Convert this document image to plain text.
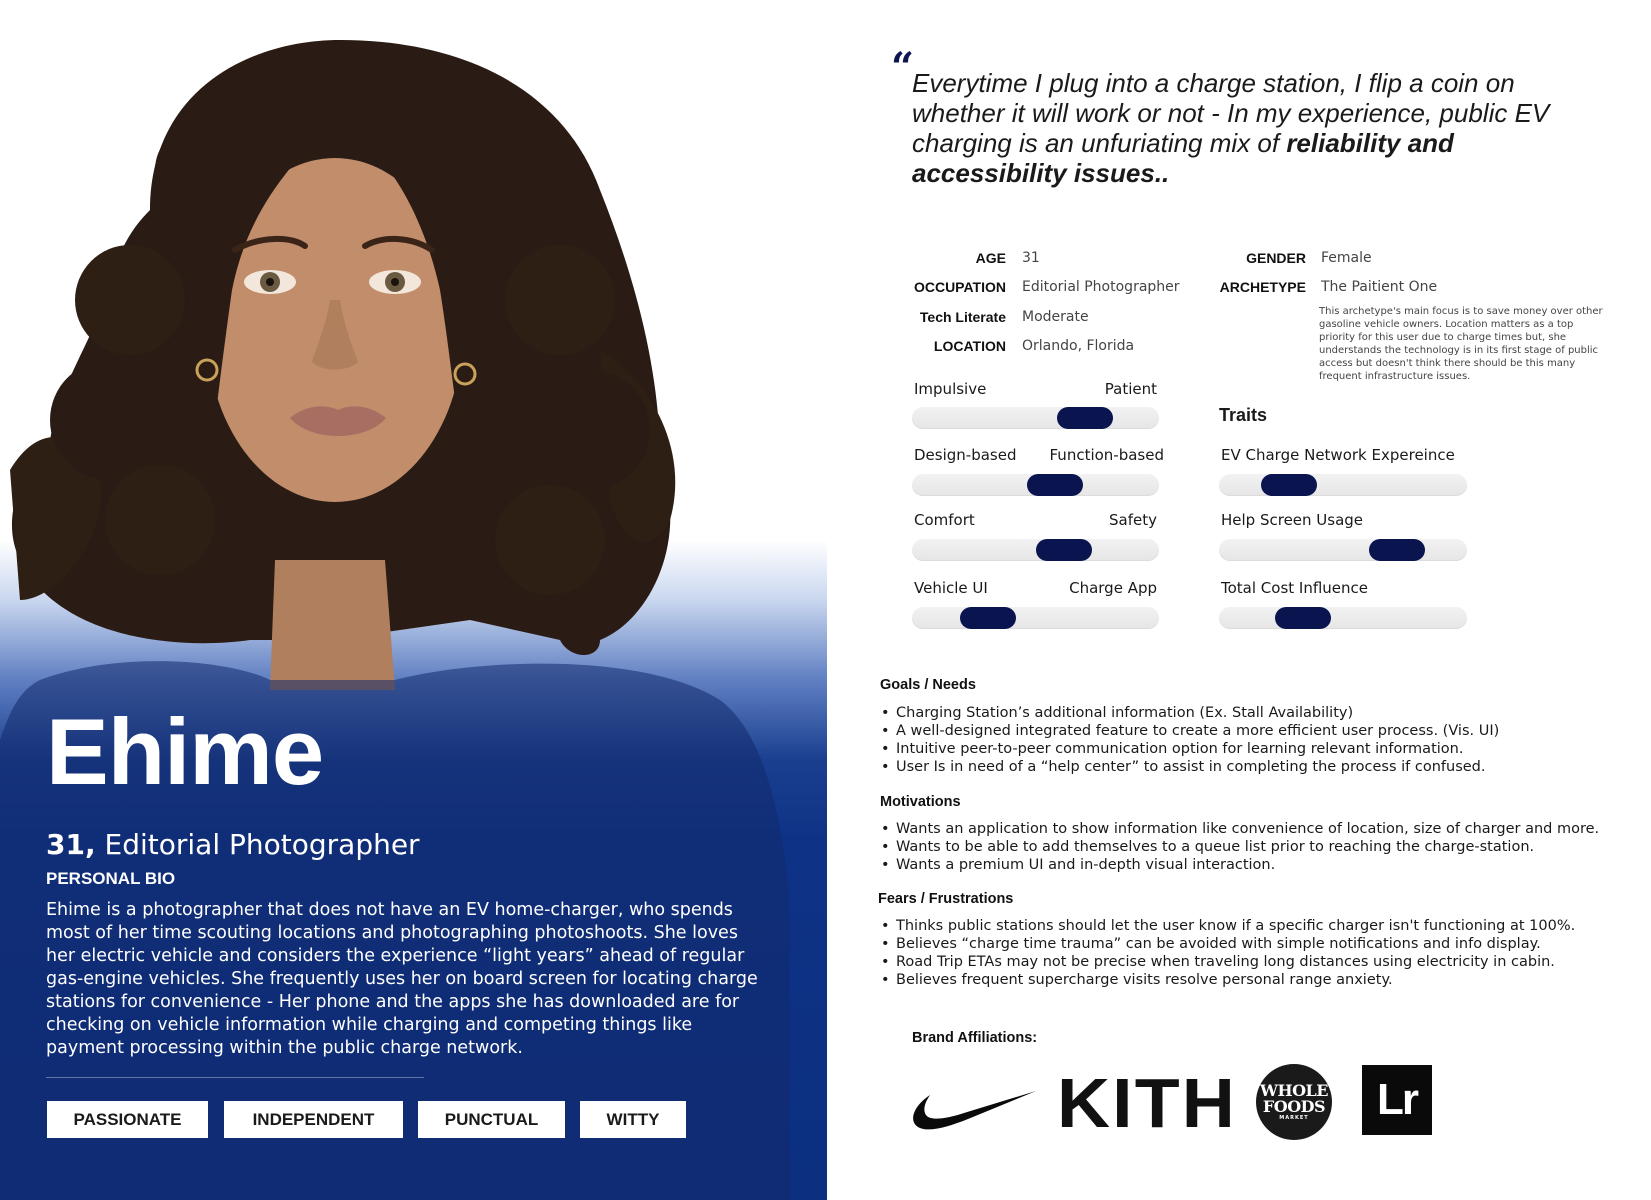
Ehime
31, Editorial Photographer
PERSONAL BIO
Ehime is a photographer that does not have an EV home-charger, who spends most of her time scouting locations and photographing photoshoots. She loves her electric vehicle and considers the experience “light years” ahead of regular gas-engine vehicles. She frequently uses her on board screen for locating charge stations for convenience - Her phone and the apps she has downloaded are for checking on vehicle information while charging and competing things like payment processing within the public charge network.
PASSIONATE	INDEPENDENT	PUNCTUAL	WITTY
“
Everytime I plug into a charge station, I flip a coin on whether it will work or not - In my experience, public EV charging is an unfuriating mix of reliability and accessibility issues..
AGE 31
OCCUPATION Editorial Photographer
Tech Literate Moderate
LOCATION Orlando, Florida
GENDER Female
ARCHETYPE The Paitient One
This archetype's main focus is to save money over other gasoline vehicle owners. Location matters as a top priority for this user due to charge times but, she understands the technology is in its first stage of public access but doesn't think there should be this many frequent infrastructure issues.
Impulsive	Patient
Design-based	Function-based
Comfort	Safety
Vehicle UI	Charge App
Traits
EV Charge Network Expereince
Help Screen Usage
Total Cost Influence
Goals / Needs
• Charging Station’s additional information (Ex. Stall Availability)
• A well-designed integrated feature to create a more efficient user process. (Vis. UI)
• Intuitive peer-to-peer communication option for learning relevant information.
• User Is in need of a “help center” to assist in completing the process if confused.
Motivations
• Wants an application to show information like convenience of location, size of charger and more.
• Wants to be able to add themselves to a queue list prior to reaching the charge-station.
• Wants a premium UI and in-depth visual interaction.
Fears / Frustrations
• Thinks public stations should let the user know if a specific charger isn't functioning at 100%.
• Believes “charge time trauma” can be avoided with simple notifications and info display.
• Road Trip ETAs may not be precise when traveling long distances using electricity in cabin.
• Believes frequent supercharge visits resolve personal range anxiety.
Brand Affiliations:
KITH WHOLE
FOODS
MARKET	Lr
